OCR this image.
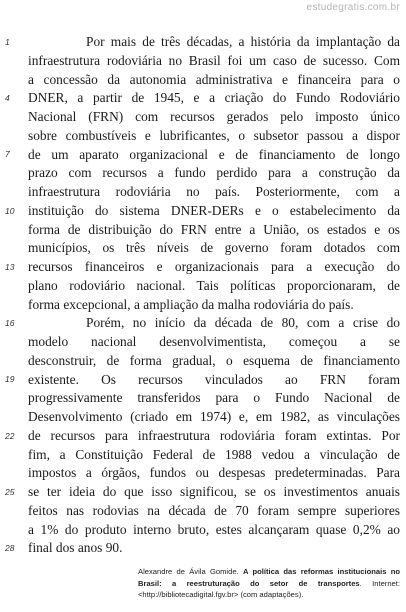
estudegratis.com.br
1
4
7
10
13
16
19
22
25
28
Por mais de três décadas, a história da implantação da
infraestrutura rodoviária no Brasil foi um caso de sucesso. Com
a concessão da autonomia administrativa e financeira para o
DNER, a partir de 1945, e a criação do Fundo Rodoviário
Nacional (FRN) com recursos gerados pelo imposto único
sobre combustíveis e lubrificantes, o subsetor passou a dispor
de um aparato organizacional e de financiamento de longo
prazo com recursos a fundo perdido para a construção da
infraestrutura rodoviária no país. Posteriormente, com a
instituição do sistema DNER-DERs e o estabelecimento da
forma de distribuição do FRN entre a União, os estados e os
municípios, os três níveis de governo foram dotados com
recursos financeiros e organizacionais para a execução do
plano rodoviário nacional. Tais políticas proporcionaram, de
forma excepcional, a ampliação da malha rodoviária do país.
Porém, no início da década de 80, com a crise do
modelo nacional desenvolvimentista, começou a se
desconstruir, de forma gradual, o esquema de financiamento
existente. Os recursos vinculados ao FRN foram
progressivamente transferidos para o Fundo Nacional de
Desenvolvimento (criado em 1974) e, em 1982, as vinculações
de recursos para infraestrutura rodoviária foram extintas. Por
fim, a Constituição Federal de 1988 vedou a vinculação de
impostos a órgãos, fundos ou despesas predeterminadas. Para
se ter ideia do que isso significou, se os investimentos anuais
feitos nas rodovias na década de 70 foram sempre superiores
a 1% do produto interno bruto, estes alcançaram quase 0,2% ao
final dos anos 90.
Alexandre de Ávila Gomide. A política das reformas institucionais no
Brasil: a reestruturação do setor de transportes. Internet:
<http://bibliotecadigital.fgv.br> (com adaptações).
